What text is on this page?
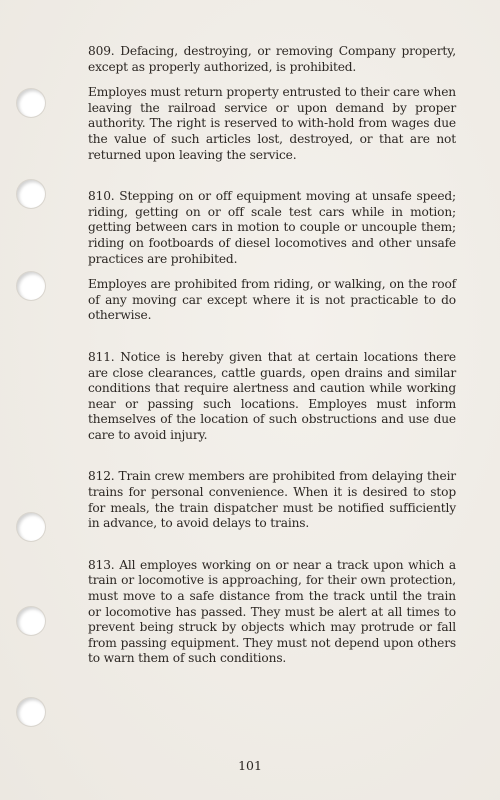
809. Defacing, destroying, or removing Company property, except as properly authorized, is prohibited.

Employes must return property entrusted to their care when leaving the railroad service or upon demand by proper authority. The right is reserved to with-hold from wages due the value of such articles lost, destroyed, or that are not returned upon leaving the service.

810. Stepping on or off equipment moving at unsafe speed; riding, getting on or off scale test cars while in motion; getting between cars in motion to couple or uncouple them; riding on footboards of diesel locomotives and other unsafe practices are prohibited.

Employes are prohibited from riding, or walking, on the roof of any moving car except where it is not practicable to do otherwise.

811. Notice is hereby given that at certain locations there are close clearances, cattle guards, open drains and similar conditions that require alertness and caution while working near or passing such locations. Employes must inform themselves of the location of such obstructions and use due care to avoid injury.

812. Train crew members are prohibited from delaying their trains for personal convenience. When it is desired to stop for meals, the train dispatcher must be notified sufficiently in advance, to avoid delays to trains.

813. All employes working on or near a track upon which a train or locomotive is approaching, for their own protection, must move to a safe distance from the track until the train or locomotive has passed. They must be alert at all times to prevent being struck by objects which may protrude or fall from passing equipment. They must not depend upon others to warn them of such conditions.

101
